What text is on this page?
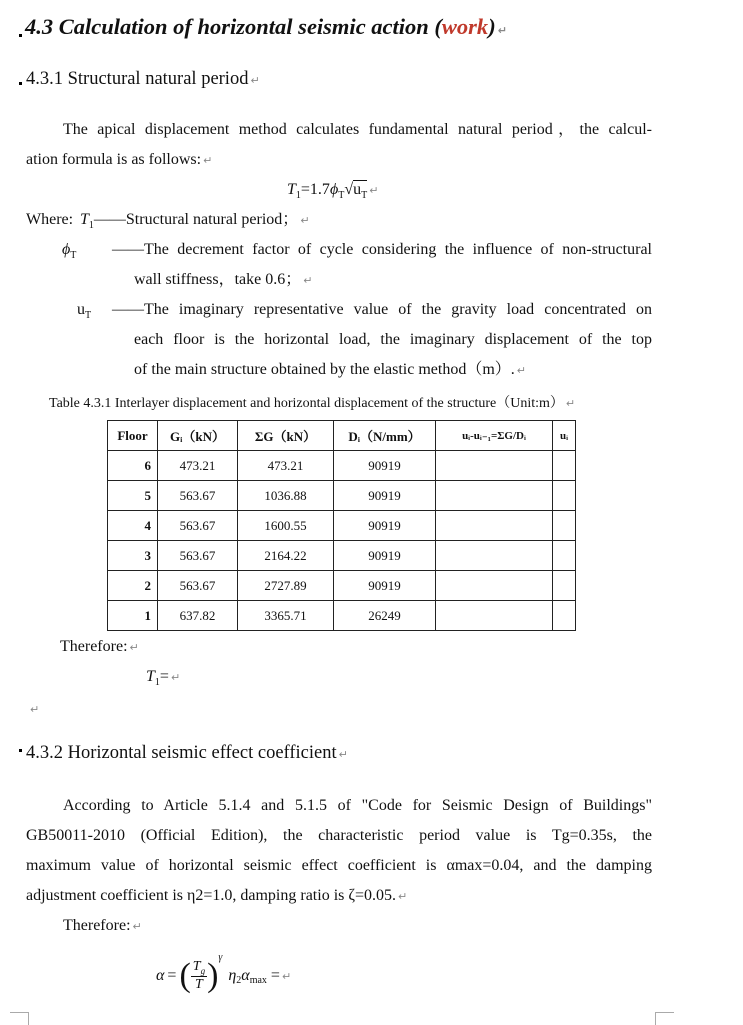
4.3 Calculation of horizontal seismic action (work) ↵
4.3.1 Structural natural period ↵
The apical displacement method calculates fundamental natural period，the calcul-
ation formula is as follows: ↵
$T_1=1.7\phi_T√u_T$ ↵
Where: $T_1——Structural$ natural period； ↵
$\phi_T$ ——The decrement factor of cycle considering the influence of non-structural
wall stiffness，take 0.6； ↵
$u_T$ ——The imaginary representative value of the gravity load concentrated on
each floor is the horizontal load, the imaginary displacement of the top
of the main structure obtained by the elastic method（m）. ↵
Table 4.3.1 Interlayer displacement and horizontal displacement of the structure（Unit:m） ↵
Floor	Gᵢ（kN）	ΣG（kN）	Dᵢ（N/mm）	uᵢ-uᵢ₋₁=ΣG/Dᵢ	uᵢ
6	473.21	473.21	90919		
5	563.67	1036.88	90919		
4	563.67	1600.55	90919		
3	563.67	2164.22	90919		
2	563.67	2727.89	90919		
1	637.82	3365.71	26249		
Therefore: ↵
$T_1=$ ↵
↵
4.3.2 Horizontal seismic effect coefficient ↵
According to Article 5.1.4 and 5.1.5 of "Code for Seismic Design of Buildings"
GB50011-2010 (Official Edition), the characteristic period value is Tg=0.35s, the
maximum value of horizontal seismic effect coefficient is αmax=0.04, and the damping
adjustment coefficient is η2=1.0, damping ratio is ζ=0.05. ↵
Therefore: ↵
α = ( $T_g$
T )$^\gamma$
$\eta_2$ $\alpha_{max}$ = ↵
